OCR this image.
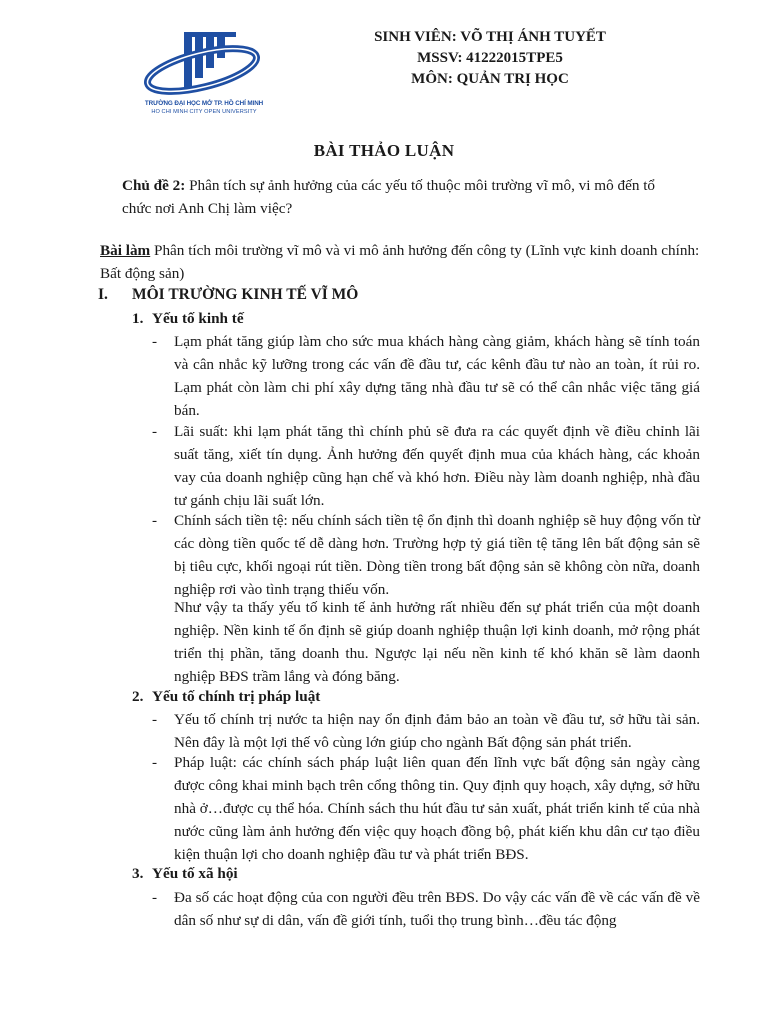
TRƯỜNG ĐẠI HỌC MỞ TP. HỒ CHÍ MINH
HO CHI MINH CITY OPEN UNIVERSITY
SINH VIÊN: VÕ THỊ ÁNH TUYẾT
MSSV: 41222015TPE5
MÔN: QUẢN TRỊ HỌC
BÀI THẢO LUẬN

Chủ đề 2: Phân tích sự ảnh hưởng của các yếu tố thuộc môi trường vĩ mô, vi mô đến tổ chức nơi Anh Chị làm việc?

Bài làm Phân tích môi trường vĩ mô và vi mô ảnh hưởng đến công ty (Lĩnh vực kinh doanh chính: Bất động sản)

I. MÔI TRƯỜNG KINH TẾ VĨ MÔ
1. Yếu tố kinh tế
- Lạm phát tăng giúp làm cho sức mua khách hàng càng giảm, khách hàng sẽ tính toán và cân nhắc kỹ lưỡng trong các vấn đề đầu tư, các kênh đầu tư nào an toàn, ít rủi ro. Lạm phát còn làm chi phí xây dựng tăng nhà đầu tư sẽ có thể cân nhắc việc tăng giá bán.
- Lãi suất: khi lạm phát tăng thì chính phủ sẽ đưa ra các quyết định về điều chỉnh lãi suất tăng, xiết tín dụng. Ảnh hưởng đến quyết định mua của khách hàng, các khoản vay của doanh nghiệp cũng hạn chế và khó hơn. Điều này làm doanh nghiệp, nhà đầu tư gánh chịu lãi suất lớn.
- Chính sách tiền tệ: nếu chính sách tiền tệ ổn định thì doanh nghiệp sẽ huy động vốn từ các dòng tiền quốc tế dễ dàng hơn. Trường hợp tỷ giá tiền tệ tăng lên bất động sản sẽ bị tiêu cực, khối ngoại rút tiền. Dòng tiền trong bất động sản sẽ không còn nữa, doanh nghiệp rơi vào tình trạng thiếu vốn.
Như vậy ta thấy yếu tố kinh tế ảnh hưởng rất nhiều đến sự phát triển của một doanh nghiệp. Nền kinh tế ổn định sẽ giúp doanh nghiệp thuận lợi kinh doanh, mở rộng phát triển thị phần, tăng doanh thu. Ngược lại nếu nền kinh tế khó khăn sẽ làm daonh nghiệp BĐS trầm lắng và đóng băng.
2. Yếu tố chính trị pháp luật
- Yếu tố chính trị nước ta hiện nay ổn định đảm bảo an toàn về đầu tư, sở hữu tài sản. Nên đây là một lợi thế vô cùng lớn giúp cho ngành Bất động sản phát triển.
- Pháp luật: các chính sách pháp luật liên quan đến lĩnh vực bất động sản ngày càng được công khai minh bạch trên cổng thông tin. Quy định quy hoạch, xây dựng, sở hữu nhà ở…được cụ thể hóa. Chính sách thu hút đầu tư sản xuất, phát triển kinh tế của nhà nước cũng làm ảnh hưởng đến việc quy hoạch đồng bộ, phát kiến khu dân cư tạo điều kiện thuận lợi cho doanh nghiệp đầu tư và phát triển BĐS.
3. Yếu tố xã hội
- Đa số các hoạt động của con người đều trên BĐS. Do vậy các vấn đề về các vấn đề về dân số như sự di dân, vấn đề giới tính, tuổi thọ trung bình…đều tác động
